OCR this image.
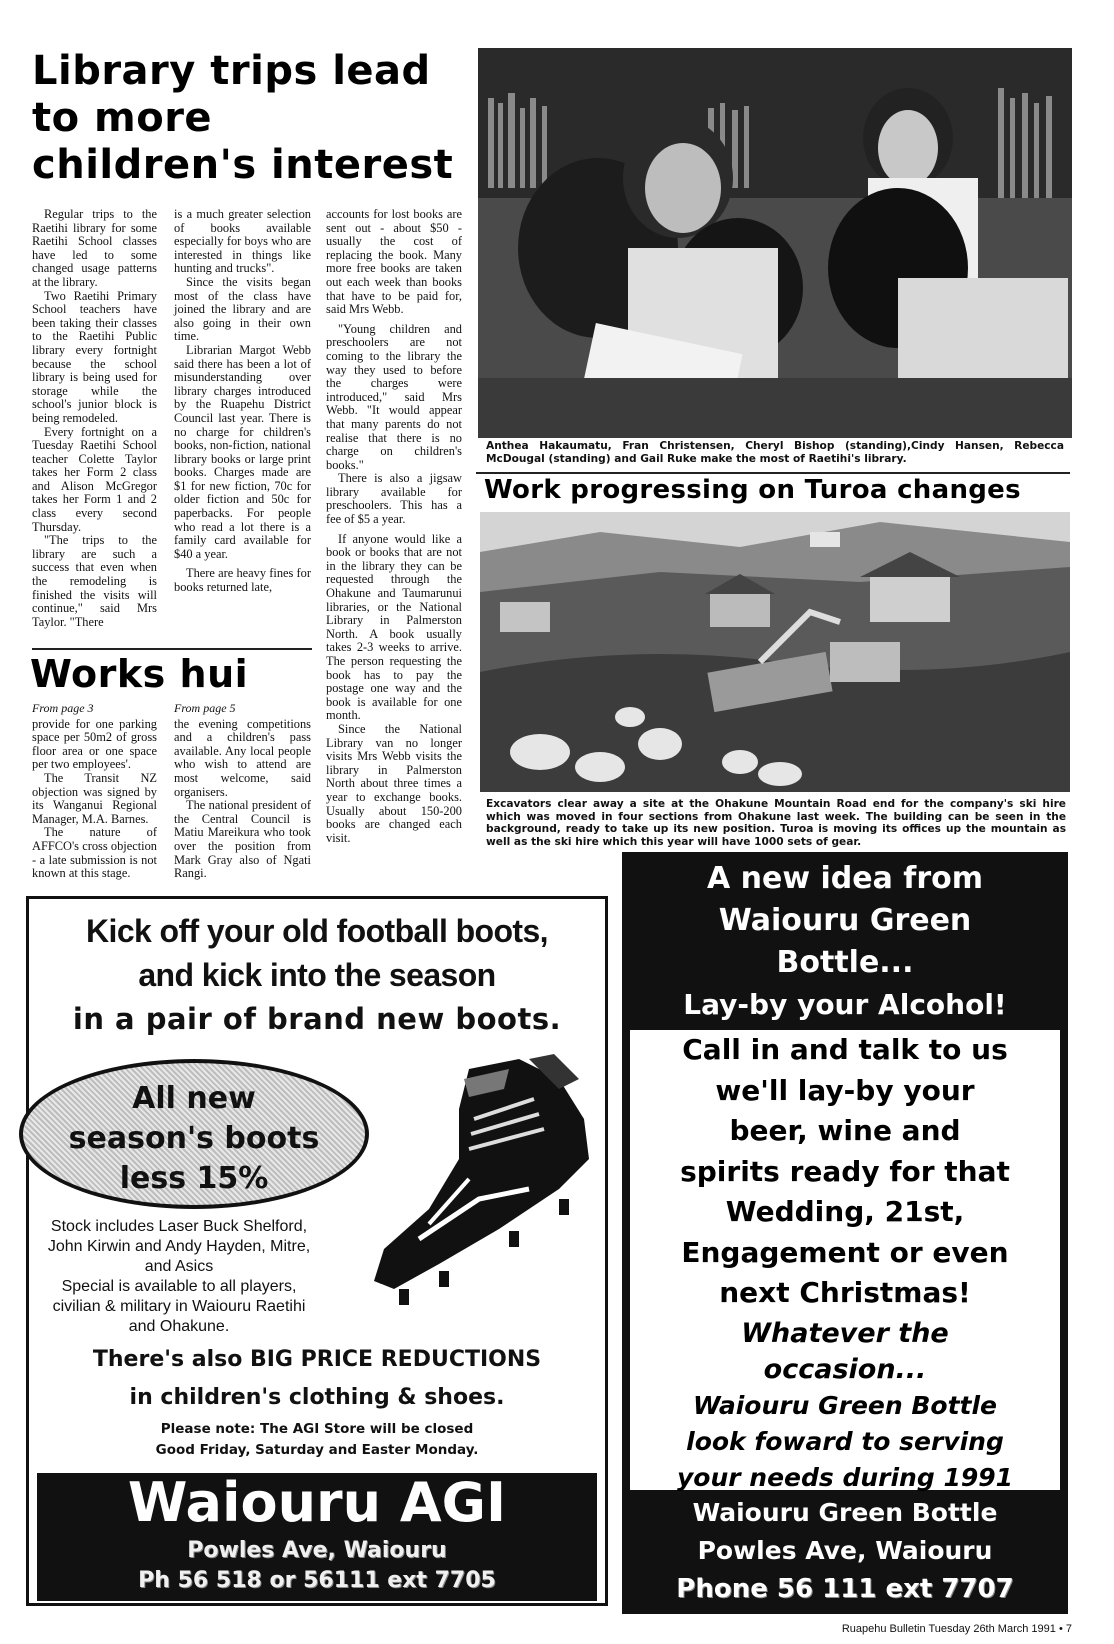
Library trips lead
to more
children's interest

Regular trips to the Raetihi library for some Raetihi School classes have led to some changed usage patterns at the library.

Two Raetihi Primary School teachers have been taking their classes to the Raetihi Public library every fortnight because the school library is being used for storage while the school's junior block is being remodeled.

Every fortnight on a Tuesday Raetihi School teacher Colette Taylor takes her Form 2 class and Alison McGregor takes her Form 1 and 2 class every second Thursday.

"The trips to the library are such a success that even when the remodeling is finished the visits will continue," said Mrs Taylor. "There

is a much greater selection of books available especially for boys who are interested in things like hunting and trucks".

Since the visits began most of the class have joined the library and are also going in their own time.

Librarian Margot Webb said there has been a lot of misunderstanding over library charges introduced by the Ruapehu District Council last year. There is no charge for children's books, non-fiction, national library books or large print books. Charges made are $1 for new fiction, 70c for older fiction and 50c for paperbacks. For people who read a lot there is a family card available for $40 a year.

There are heavy fines for books returned late,

accounts for lost books are sent out - about $50 - usually the cost of replacing the book. Many more free books are taken out each week than books that have to be paid for, said Mrs Webb.

"Young children and preschoolers are not coming to the library the way they used to before the charges were introduced," said Mrs Webb. "It would appear that many parents do not realise that there is no charge on children's books."

There is also a jigsaw library available for preschoolers. This has a fee of $5 a year.

If anyone would like a book or books that are not in the library they can be requested through the Ohakune and Taumarunui libraries, or the National Library in Palmerston North. A book usually takes 2-3 weeks to arrive. The person requesting the book has to pay the postage one way and the book is available for one month.

Since the National Library van no longer visits Mrs Webb visits the library in Palmerston North about three times a year to exchange books. Usually about 150-200 books are changed each visit.

Anthea Hakaumatu, Fran Christensen, Cheryl Bishop (standing),Cindy Hansen, Rebecca McDougal (standing) and Gail Ruke make the most of Raetihi's library.
Works hui

From page 3

provide for one parking space per 50m2 of gross floor area or one space per two employees'.

The Transit NZ objection was signed by its Wanganui Regional Manager, M.A. Barnes.

The nature of AFFCO's cross objection - a late submission is not known at this stage.

From page 5

the evening competitions and a children's pass available. Any local people who wish to attend are most welcome, said organisers.

The national president of the Central Council is Matiu Mareikura who took over the position from Mark Gray also of Ngati Rangi.

Work progressing on Turoa changes
Excavators clear away a site at the Ohakune Mountain Road end for the company's ski hire which was moved in four sections from Ohakune last week. The building can be seen in the background, ready to take up its new position. Turoa is moving its offices up the mountain as well as the ski hire which this year will have 1000 sets of gear.
Kick off your old football boots,
and kick into the season
in a pair of brand new boots.
All new
season's boots
less 15%
Stock includes Laser Buck Shelford,
John Kirwin and Andy Hayden, Mitre,
and Asics
Special is available to all players,
civilian & military in Waiouru Raetihi
and Ohakune.
There's also BIG PRICE REDUCTIONS
in children's clothing & shoes.
Please note: The AGI Store will be closed
Good Friday, Saturday and Easter Monday.
Waiouru AGI
Powles Ave, Waiouru
Ph 56 518 or 56111 ext 7705
A new idea from
Waiouru Green
Bottle...
Lay-by your Alcohol!
Call in and talk to us
we'll lay-by your
beer, wine and
spirits ready for that
Wedding, 21st,
Engagement or even
next Christmas!
Whatever the
occasion...
Waiouru Green Bottle
look foward to serving
your needs during 1991
Waiouru Green Bottle
Powles Ave, Waiouru
Phone 56 111 ext 7707
Ruapehu Bulletin Tuesday 26th March 1991 • 7
